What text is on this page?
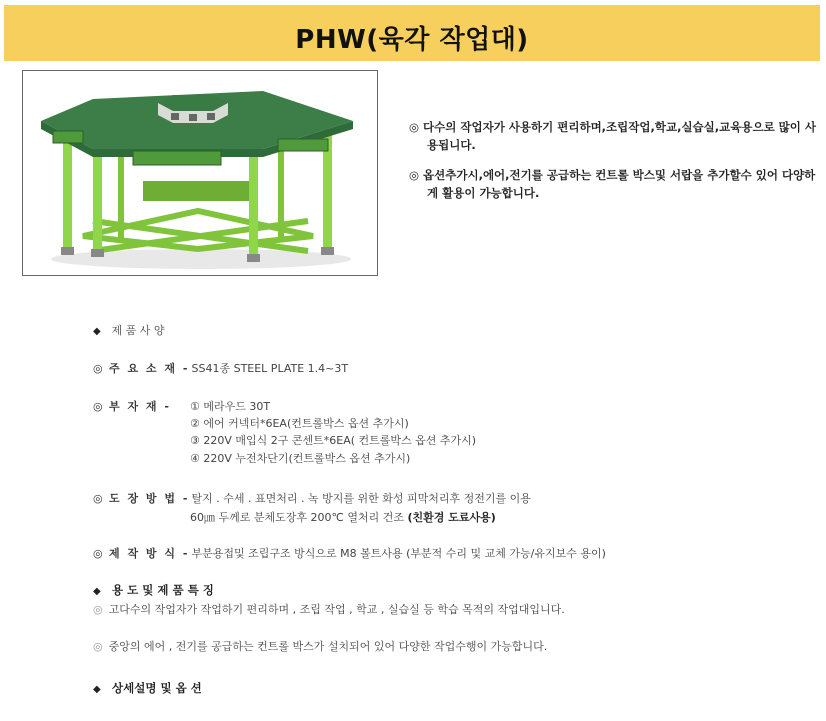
PHW(육각 작업대)

◎ 다수의 작업자가 사용하기 편리하며,조립작업,학교,실습실,교육용으로 많이 사용됩니다.

◎ 옵션추가시,에어,전기를 공급하는 컨트롤 박스및 서랍을 추가할수 있어 다양하게 활용이 가능합니다.

◆ 제 품 사 양
◎ 주 요 소 재 - SS41종 STEEL PLATE 1.4~3T
◎ 부 자 재 -	① 메라우드 30T
② 에어 커넥터*6EA(컨트롤박스 옵션 추가시)
③ 220V 매입식 2구 콘센트*6EA( 컨트롤박스 옵션 추가시)
④ 220V 누전차단기(컨트롤박스 옵션 추가시)
◎ 도 장 방 법 - 탈지 . 수세 . 표면처리 . 녹 방지를 위한 화성 피막처리후 정전기를 이용
60㎛ 두께로 분체도장후 200℃ 열처리 건조 (친환경 도료사용)
◎ 제 작 방 식 - 부분용접및 조립구조 방식으로 M8 볼트사용 (부분적 수리 및 교체 가능/유지보수 용이)
◆ 용 도 및 제 품 특 징
◎ 고다수의 작업자가 작업하기 편리하며 , 조립 작업 , 학교 , 실습실 등 학습 목적의 작업대입니다.
◎ 중앙의 에어 , 전기를 공급하는 컨트롤 박스가 설치되어 있어 다양한 작업수행이 가능합니다.
◆ 상세설명 및 옵 션
